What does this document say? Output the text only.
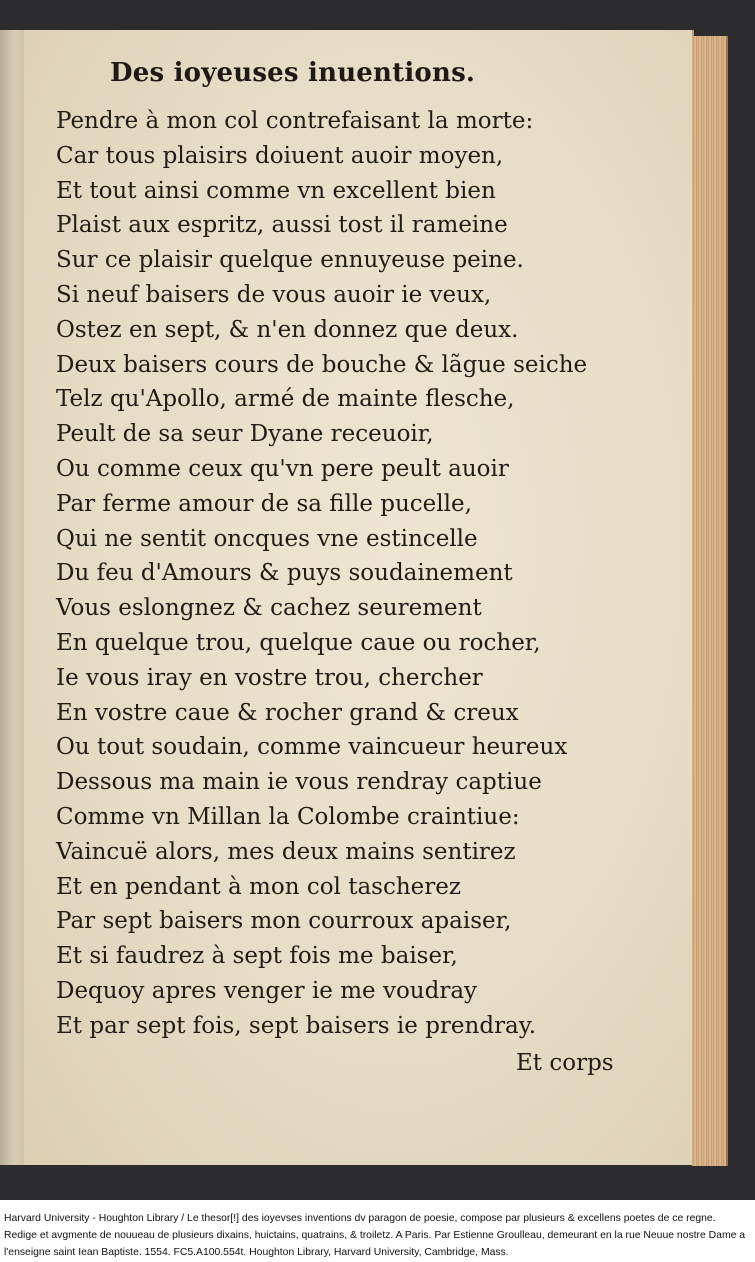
Des ioyeuses inuentions.
Pendre à mon col contrefaisant la morte:
Car tous plaisirs doiuent auoir moyen,
Et tout ainsi comme vn excellent bien
Plaist aux espritz, aussi tost il rameine
Sur ce plaisir quelque ennuyeuse peine.
Si neuf baisers de vous auoir ie veux,
Ostez en sept, & n'en donnez que deux.
Deux baisers cours de bouche & lãgue seiche
Telz qu'Apollo, armé de mainte flesche,
Peult de sa seur Dyane receuoir,
Ou comme ceux qu'vn pere peult auoir
Par ferme amour de sa fille pucelle,
Qui ne sentit oncques vne estincelle
Du feu d'Amours & puys soudainement
Vous eslongnez & cachez seurement
En quelque trou, quelque caue ou rocher,
Ie vous iray en vostre trou, chercher
En vostre caue & rocher grand & creux
Ou tout soudain, comme vaincueur heureux
Dessous ma main ie vous rendray captiue
Comme vn Millan la Colombe craintiue:
Vaincuë alors, mes deux mains sentirez
Et en pendant à mon col tascherez
Par sept baisers mon courroux apaiser,
Et si faudrez à sept fois me baiser,
Dequoy apres venger ie me voudray
Et par sept fois, sept baisers ie prendray.
Et corps

Harvard University - Houghton Library / Le thesor[!] des ioyevses inventions dv paragon de poesie, compose par plusieurs & excellens poetes de ce regne. Redige et avgmente de nouueau de plusieurs dixains, huictains, quatrains, & troiletz. A Paris. Par Estienne Groulleau, demeurant en la rue Neuue nostre Dame a l'enseigne saint Iean Baptiste. 1554. FC5.A100.554t. Houghton Library, Harvard University, Cambridge, Mass.
